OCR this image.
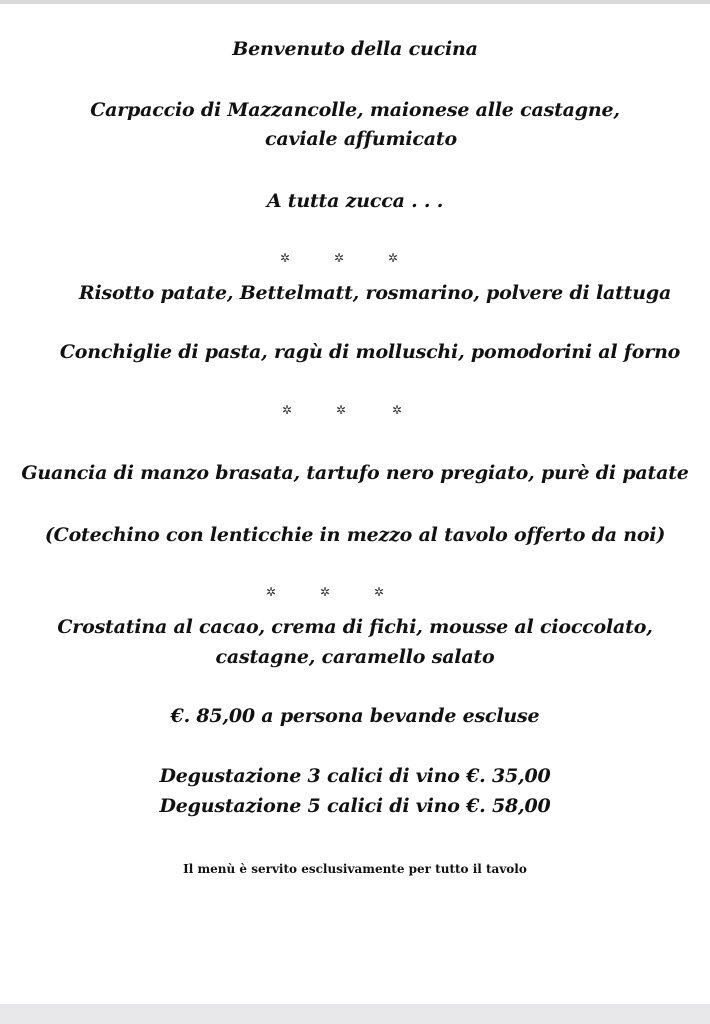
Benvenuto della cucina
Carpaccio di Mazzancolle, maionese alle castagne,
caviale affumicato
A tutta zucca . . .
✲	✲	✲
Risotto patate, Bettelmatt, rosmarino, polvere di lattuga
Conchiglie di pasta, ragù di molluschi, pomodorini al forno
✲	✲	✲
Guancia di manzo brasata, tartufo nero pregiato, purè di patate
(Cotechino con lenticchie in mezzo al tavolo offerto da noi)
✲	✲	✲
Crostatina al cacao, crema di fichi, mousse al cioccolato,
castagne, caramello salato
€. 85,00 a persona bevande escluse
Degustazione 3 calici di vino €. 35,00
Degustazione 5 calici di vino €. 58,00
Il menù è servito esclusivamente per tutto il tavolo
